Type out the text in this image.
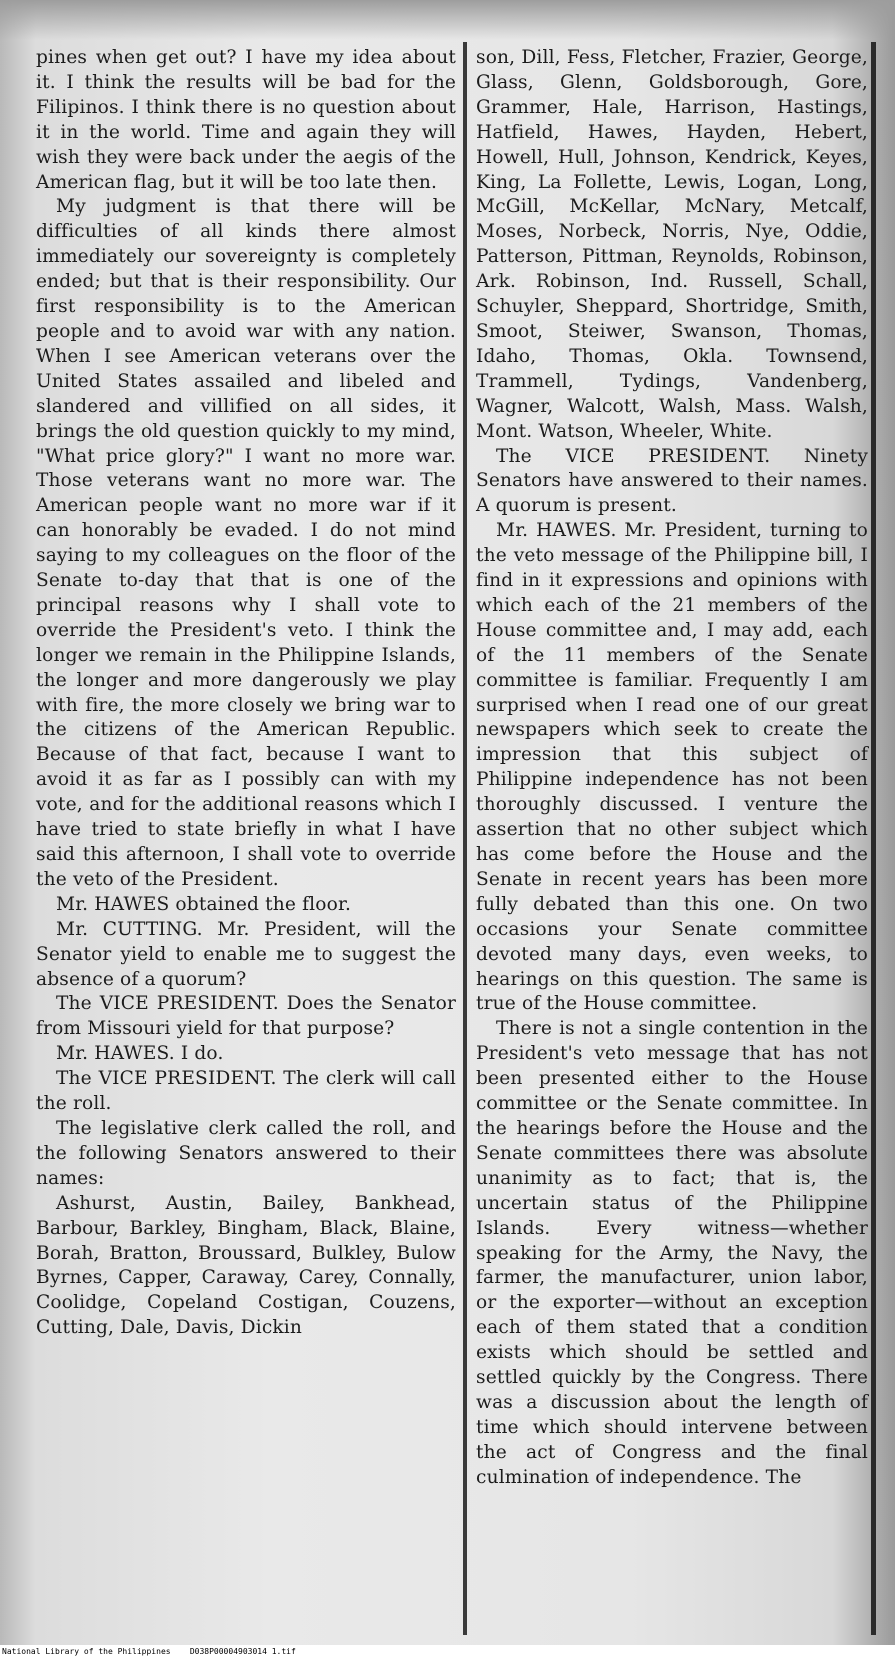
pines when get out? I have my idea about it. I think the results will be bad for the Filipinos. I think there is no question about it in the world. Time and again they will wish they were back under the aegis of the American flag, but it will be too late then.

My judgment is that there will be difficulties of all kinds there almost immediately our sovereignty is completely ended; but that is their responsibility. Our first responsibility is to the American people and to avoid war with any nation. When I see American veterans over the United States assailed and libeled and slandered and villified on all sides, it brings the old question quickly to my mind, "What price glory?" I want no more war. Those veterans want no more war. The American people want no more war if it can honorably be evaded. I do not mind saying to my colleagues on the floor of the Senate to-day that that is one of the principal reasons why I shall vote to override the President's veto. I think the longer we remain in the Philippine Islands, the longer and more dangerously we play with fire, the more closely we bring war to the citizens of the American Republic. Because of that fact, because I want to avoid it as far as I possibly can with my vote, and for the additional reasons which I have tried to state briefly in what I have said this afternoon, I shall vote to override the veto of the President.

Mr. HAWES obtained the floor.

Mr. CUTTING. Mr. President, will the Senator yield to enable me to suggest the absence of a quorum?

The VICE PRESIDENT. Does the Senator from Missouri yield for that purpose?

Mr. HAWES. I do.

The VICE PRESIDENT. The clerk will call the roll.

The legislative clerk called the roll, and the following Senators answered to their names:

Ashurst, Austin, Bailey, Bankhead, Barbour, Barkley, Bingham, Black, Blaine, Borah, Bratton, Broussard, Bulkley, Bulow Byrnes, Capper, Caraway, Carey, Connally, Coolidge, Copeland Costigan, Couzens, Cutting, Dale, Davis, Dickin

son, Dill, Fess, Fletcher, Frazier, George, Glass, Glenn, Goldsborough, Gore, Grammer, Hale, Harrison, Hastings, Hatfield, Hawes, Hayden, Hebert, Howell, Hull, Johnson, Kendrick, Keyes, King, La Follette, Lewis, Logan, Long, McGill, McKellar, McNary, Metcalf, Moses, Norbeck, Norris, Nye, Oddie, Patterson, Pittman, Reynolds, Robinson, Ark. Robinson, Ind. Russell, Schall, Schuyler, Sheppard, Shortridge, Smith, Smoot, Steiwer, Swanson, Thomas, Idaho, Thomas, Okla. Townsend, Trammell, Tydings, Vandenberg, Wagner, Walcott, Walsh, Mass. Walsh, Mont. Watson, Wheeler, White.

The VICE PRESIDENT. Ninety Senators have answered to their names. A quorum is present.

Mr. HAWES. Mr. President, turning to the veto message of the Philippine bill, I find in it expressions and opinions with which each of the 21 members of the House committee and, I may add, each of the 11 members of the Senate committee is familiar. Frequently I am surprised when I read one of our great newspapers which seek to create the impression that this subject of Philippine independence has not been thoroughly discussed. I venture the assertion that no other subject which has come before the House and the Senate in recent years has been more fully debated than this one. On two occasions your Senate committee devoted many days, even weeks, to hearings on this question. The same is true of the House committee.

There is not a single contention in the President's veto message that has not been presented either to the House committee or the Senate committee. In the hearings before the House and the Senate committees there was absolute unanimity as to fact; that is, the uncertain status of the Philippine Islands. Every witness—whether speaking for the Army, the Navy, the farmer, the manufacturer, union labor, or the exporter—without an exception each of them stated that a condition exists which should be settled and settled quickly by the Congress. There was a discussion about the length of time which should intervene between the act of Congress and the final culmination of independence. The

National Library of the Philippines    D038P00004903014 1.tif
